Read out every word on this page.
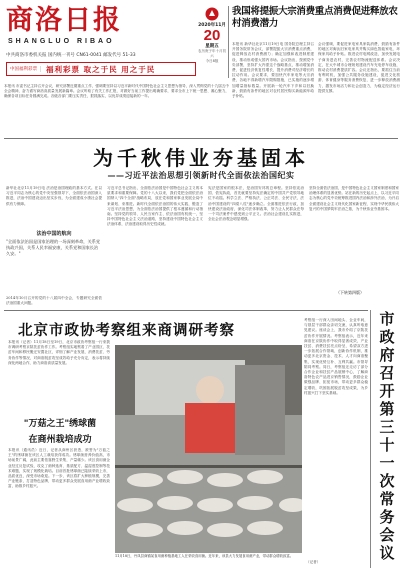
商洛日报
SHANGLUO RIBAO
中共商洛市委机关报 国内统一刊号 CN61-0041 邮发代号 51-33
中国福利彩票	福利彩票 取之于民 用之于民
2020年11月
20
星期五
农历庚子年十月初六
今日8版
我国将提振大宗消费重点消费促进释放农村消费潜力
本报讯 新华社北京11月19日电 国务院总理主持召开国务院常务会议，部署提振大宗消费重点消费，促进释放农村消费潜力；确定加强和改进制度建设，推动形成强大国内市场。会议指出，按照党中央部署，坚持扩大内需这个战略基点，推动增加消费，促进经济恢复性增长，提升消费对经济增长的拉动作用。会议要求，要加快汽车家电等大宗消费，各地不得新增汽车限购措施，已实施的逐步增加增量指标数量。开展新一轮汽车下乡和以旧换新，鼓励有条件的地区对农村居民购买新能源车给予补贴。
会议强调，要促进家电家具家装消费，鼓励有条件的地区对淘汰旧家电家具并购买绿色智能家电、环保家具给予补贴。推进农村电网改造，加快发展电子商务进农村，完善农村物流配送体系。会议决定，在大中城市合理规划建设汽车充电停车设施，推动农村消费提质扩容。会议还指出，要抓住当前有利时机，加强公共服务设施建设，促进文化旅游、体育健身等服务消费恢复，进一步释放消费潜力，激发市场活力和社会创造力，为稳定经济运行提供支撑。
本报讯 市委书记主持召开会议，研究部署近期重点工作，强调要坚持以习近平新时代中国特色社会主义思想为指导，深入贯彻党的十九届五中全会精神，奋力谱写商洛高质量发展新篇章。会议听取了有关工作汇报，对做好当前工作提出明确要求，要求全市上下统一思想、凝心聚力，确保各项目标任务圆满完成。各级各部门要压实责任，狠抓落实，以优异成绩迎接新的一年。
为千秋伟业夯基固本
——习近平法治思想引领新时代全面依法治国纪实
新华社北京11月19日电 法治是治国理政的基本方式。在以习近平同志为核心的党中央坚强领导下，全面依法治国深入推进，法治中国建设迈出坚实步伐，为全面建成小康社会提供有力保障。
法治中国的航向
"全面依法治国是国家治理的一场深刻革命，关系党执政兴国，关系人民幸福安康，关系党和国家长治久安。"
2014年10月召开的党的十八届四中全会，专题研究全面依法治国重大问题。
习近平总书记指出，全面依法治国是中国特色社会主义的本质要求和重要保障。党的十八大以来，我们党把全面依法治国纳入"四个全面"战略布局，放在党和国家事业发展全局中来谋划、来推进。新时代全面依法治国的伟大实践，锻造了习近平法治思想，为全面依法治国提供了根本遵循和行动指南。坚持党的领导、人民当家作主、依法治国有机统一，坚持中国特色社会主义法治道路，坚持建设中国特色社会主义法治体系，法治建设取得历史性成就。
宪法是国家的根本法，是治国安邦的总章程。坚持依宪治国、依宪执政，首先就要坚持宪法确定的中国共产党领导地位不动摇。科学立法、严格执法、公正司法、全民守法，法治中国建设的"四梁八柱"逐步确立。全面推进依法行政，加快建设法治政府，深化司法体制改革，努力让人民群众在每一个司法案件中感受到公平正义。法治社会建设扎实推进，全社会法治观念明显增强。
坚持全面依法治国，是中国特色社会主义国家制度和国家治理体系的显著优势。站在新的历史起点上，以习近平同志为核心的党中央统筹推进国内法治和涉外法治，为开启全面建设社会主义现代化国家新征程、实现中华民族伟大复兴的中国梦筑牢法治之基，为千秋伟业夯基固本。
（下转第四版）
北京市政协考察组来商调研考察
本报讯（记者）11月18日至19日，北京市政协考察组一行来我市调研考察京陕扶贫协作工作。考察组实地察看了产业园区、扶贫车间和移民搬迁安置社区，详细了解产业发展、消费扶贫、劳务协作等情况，对商洛脱贫攻坚成效给予充分肯定，表示将持续深化两地合作，助力商洛高质量发展。
考察组一行深入田间地头、企业车间，与基层干部群众亲切交流，认真听取意见建议。座谈会上，我市介绍了京陕扶贫协作开展情况。考察组表示，近年来商洛在京陕协作中取得显著成效，产业扶贫、消费扶贫亮点纷呈，希望双方进一步拓展合作领域，创新协作机制，推动更多北京资金、技术、人才向商洛聚集，实现优势互补、互利共赢。市领导陪同考察。同日，考察组还走访了部分合作企业和扶贫产品展销中心，了解商洛特色农产品进京销售情况，鼓励企业做强品牌、拓宽市场，带动更多群众稳定增收，巩固拓展脱贫攻坚成果，为乡村振兴打下坚实基础。
11月18日，丹凤县商镇某食用菌种植基地工人在采收食用菌。近年来，该县大力发展食用菌产业，带动群众增收致富。
"万菇之王"绣球菌
在商州栽培成功
本报讯（通讯员）近日，记者从商州区获悉，被誉为"万菇之王"的绣球菌在该区人工栽培获得成功。绣球菌营养价值高，市场前景广阔，此前主要依靠野生采集，产量稀少。该区食用菌企业经过反复试验，攻克了菌种选育、基质配方、温湿度控制等技术难题，实现了规模化栽培。目前首批绣球菌已陆续采收上市，品质优良，深受市场欢迎。下一步，该区将扩大种植规模，完善产业链条，打造特色品牌，带动更多群众发展食用菌产业增收致富，助推乡村振兴。
市政府召开第三十一次常务会议
（记者）
